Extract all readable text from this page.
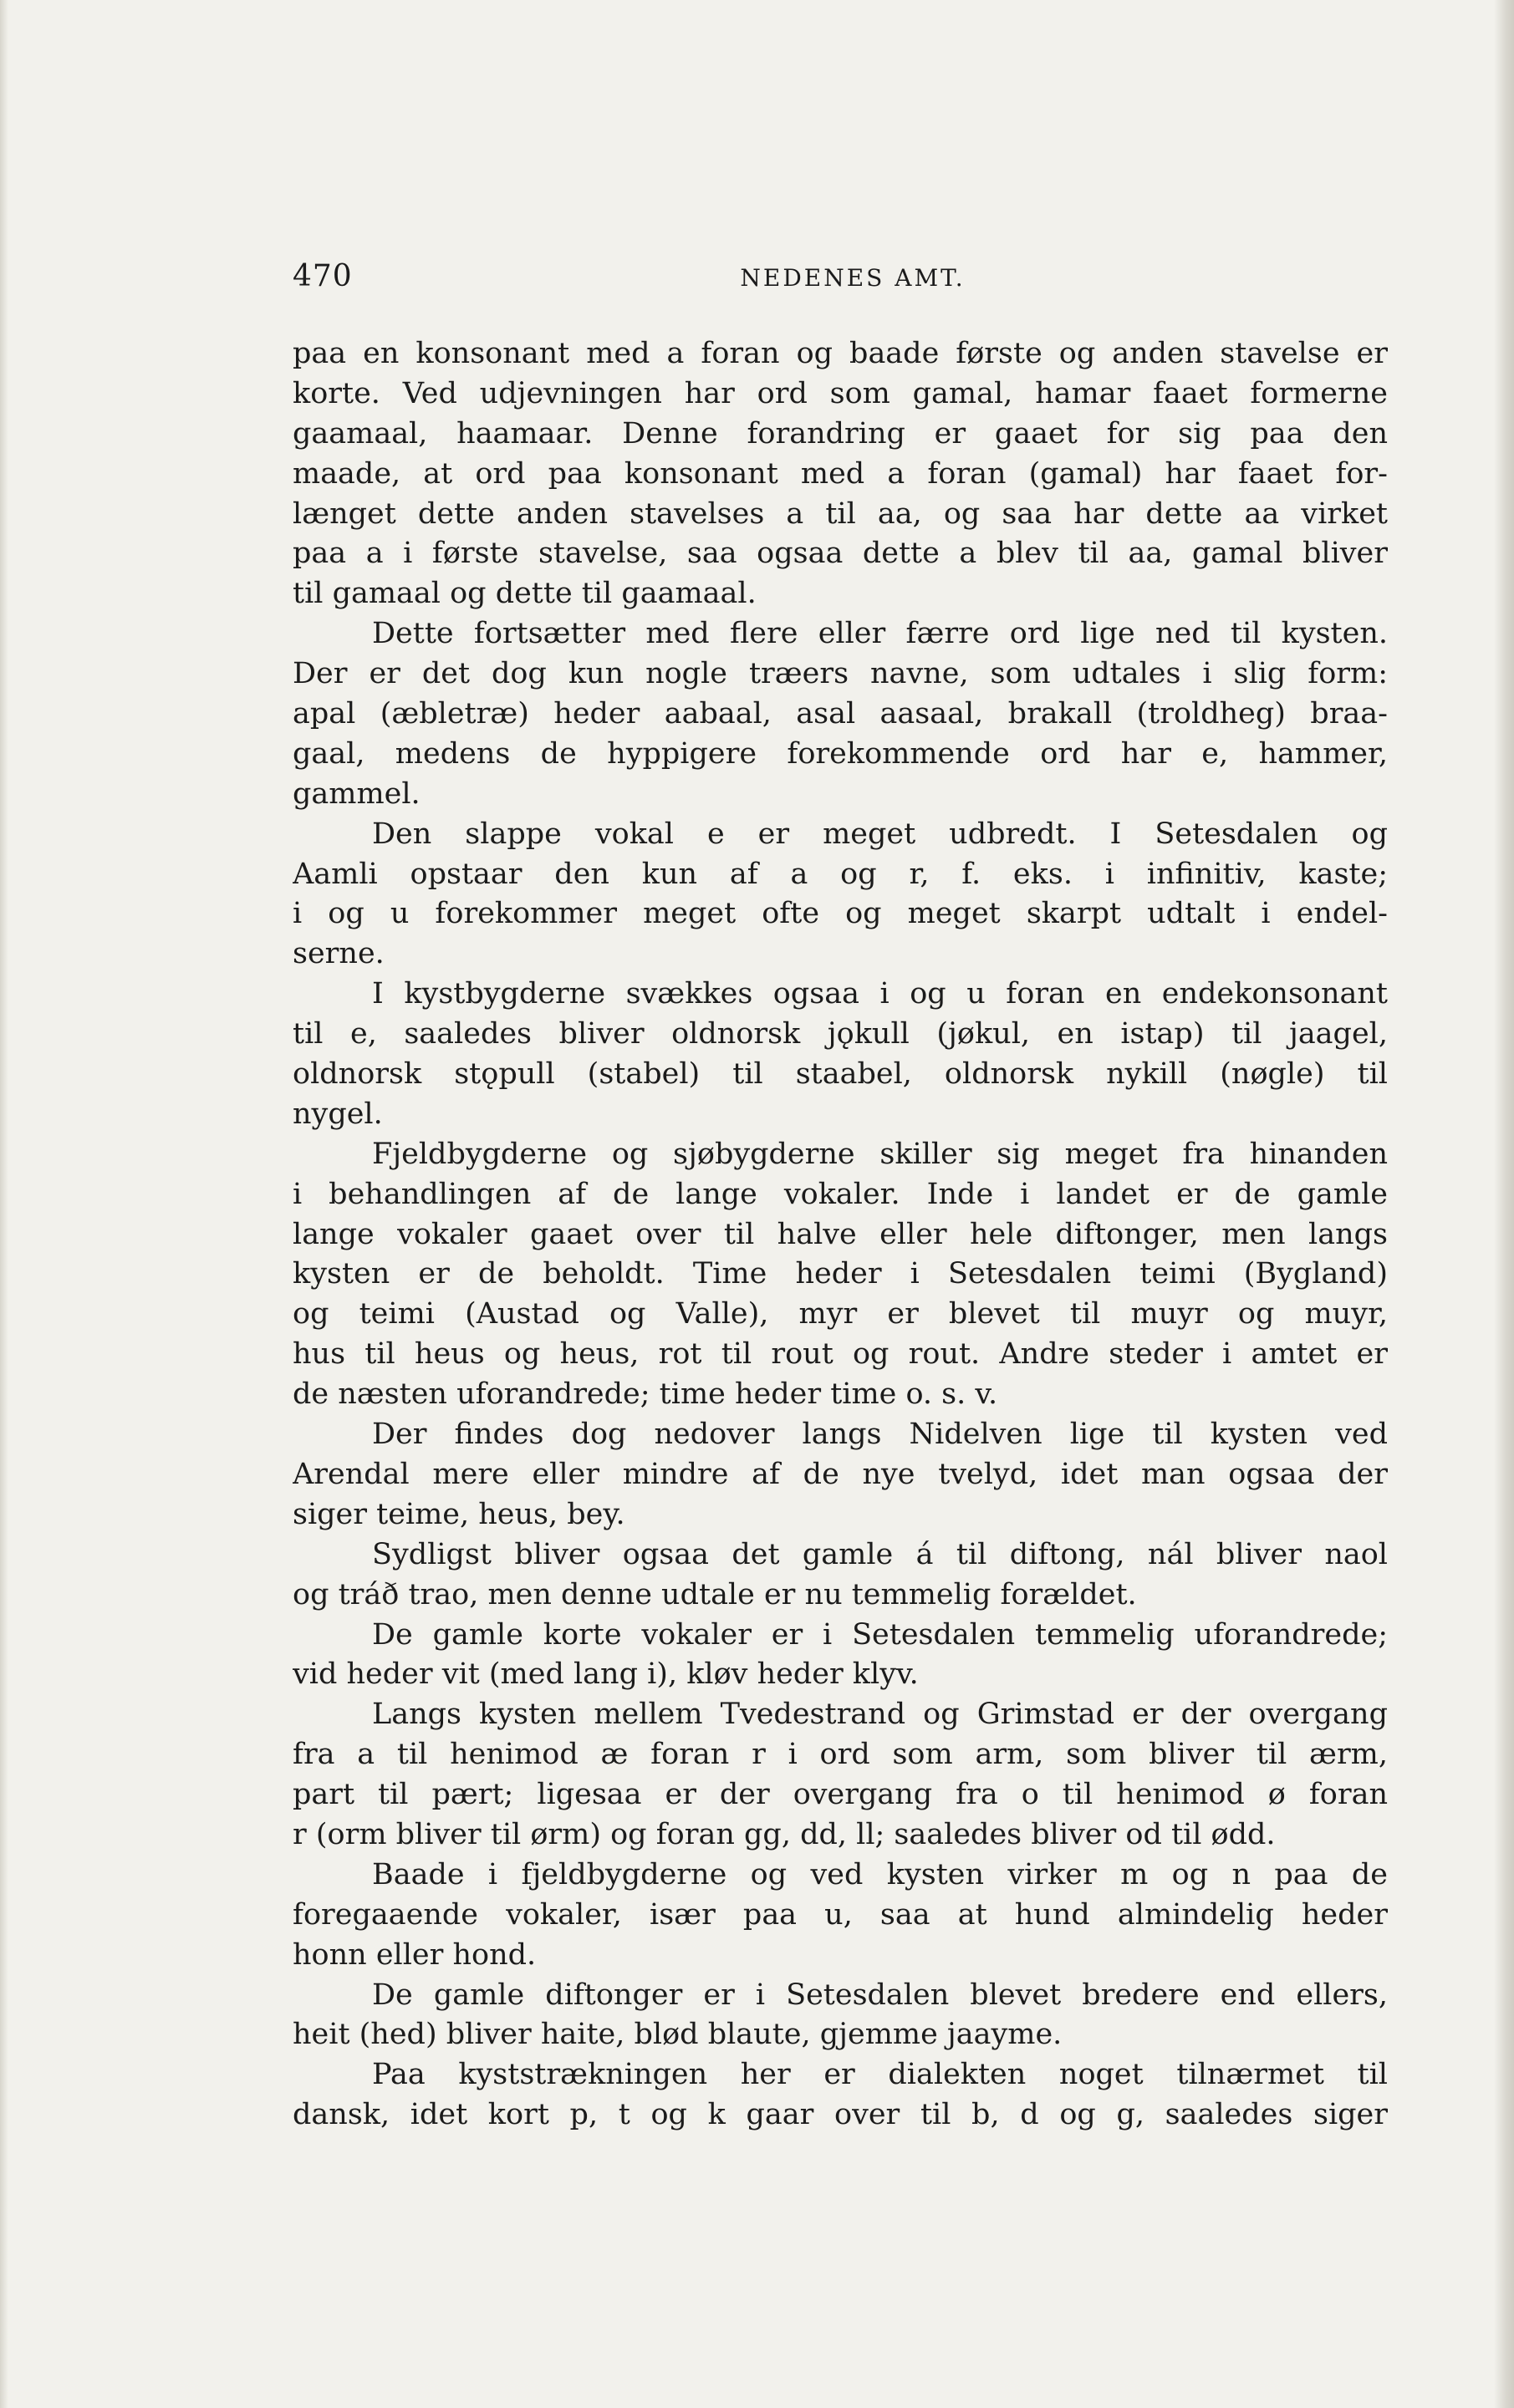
470	NEDENES AMT.
paa en konsonant med a foran og baade første og anden stavelse er
korte. Ved udjevningen har ord som gamal, hamar faaet formerne
gaamaal, haamaar. Denne forandring er gaaet for sig paa den
maade, at ord paa konsonant med a foran (gamal) har faaet for-
længet dette anden stavelses a til aa, og saa har dette aa virket
paa a i første stavelse, saa ogsaa dette a blev til aa, gamal bliver
til gamaal og dette til gaamaal.
Dette fortsætter med flere eller færre ord lige ned til kysten.
Der er det dog kun nogle træers navne, som udtales i slig form:
apal (æbletræ) heder aabaal, asal aasaal, brakall (troldheg) braa-
gaal, medens de hyppigere forekommende ord har e, hammer,
gammel.
Den slappe vokal e er meget udbredt. I Setesdalen og
Aamli opstaar den kun af a og r, f. eks. i infinitiv, kaste;
i og u forekommer meget ofte og meget skarpt udtalt i endel-
serne.
I kystbygderne svækkes ogsaa i og u foran en endekonsonant
til e, saaledes bliver oldnorsk jǫkull (jøkul, en istap) til jaagel,
oldnorsk stǫpull (stabel) til staabel, oldnorsk nykill (nøgle) til
nygel.
Fjeldbygderne og sjøbygderne skiller sig meget fra hinanden
i behandlingen af de lange vokaler. Inde i landet er de gamle
lange vokaler gaaet over til halve eller hele diftonger, men langs
kysten er de beholdt. Time heder i Setesdalen teimi (Bygland)
og teimi (Austad og Valle), myr er blevet til muyr og muyr,
hus til heus og heus, rot til rout og rout. Andre steder i amtet er
de næsten uforandrede; time heder time o. s. v.
Der findes dog nedover langs Nidelven lige til kysten ved
Arendal mere eller mindre af de nye tvelyd, idet man ogsaa der
siger teime, heus, bey.
Sydligst bliver ogsaa det gamle á til diftong, nál bliver naol
og tráð trao, men denne udtale er nu temmelig forældet.
De gamle korte vokaler er i Setesdalen temmelig uforandrede;
vid heder vit (med lang i), kløv heder klyv.
Langs kysten mellem Tvedestrand og Grimstad er der overgang
fra a til henimod æ foran r i ord som arm, som bliver til ærm,
part til pært; ligesaa er der overgang fra o til henimod ø foran
r (orm bliver til ørm) og foran gg, dd, ll; saaledes bliver od til ødd.
Baade i fjeldbygderne og ved kysten virker m og n paa de
foregaaende vokaler, især paa u, saa at hund almindelig heder
honn eller hond.
De gamle diftonger er i Setesdalen blevet bredere end ellers,
heit (hed) bliver haite, blød blaute, gjemme jaayme.
Paa kyststrækningen her er dialekten noget tilnærmet til
dansk, idet kort p, t og k gaar over til b, d og g, saaledes siger
